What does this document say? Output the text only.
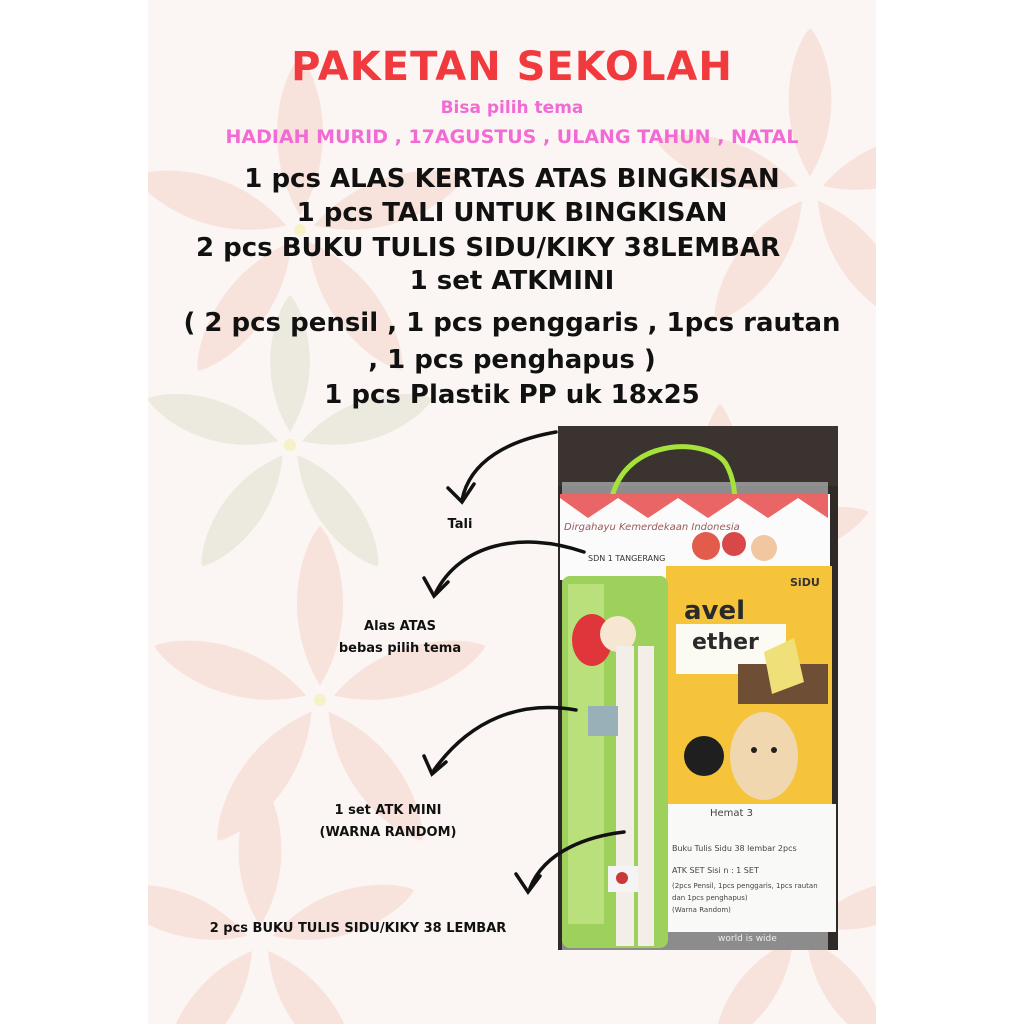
PAKETAN SEKOLAH
Bisa pilih tema
HADIAH MURID , 17AGUSTUS , ULANG TAHUN , NATAL
1 pcs ALAS KERTAS ATAS BINGKISAN
1 pcs TALI UNTUK BINGKISAN
2 pcs BUKU TULIS SIDU/KIKY 38LEMBAR
1 set ATKMINI
( 2 pcs pensil , 1 pcs penggaris , 1pcs rautan
, 1 pcs penghapus )
1 pcs Plastik PP uk 18x25
Dirgahayu Kemerdekaan Indonesia
SDN 1 TANGERANG
SiDU
avel
ether
Hemat 3
Buku Tulis Sidu 38 lembar 2pcs
ATK SET Sisi n : 1 SET
(2pcs Pensil, 1pcs penggaris, 1pcs rautan
dan 1pcs penghapus)
(Warna Random)
world is wide
Tali
Alas ATAS
bebas pilih tema
1 set ATK MINI
(WARNA RANDOM)
2 pcs BUKU TULIS SIDU/KIKY 38 LEMBAR
